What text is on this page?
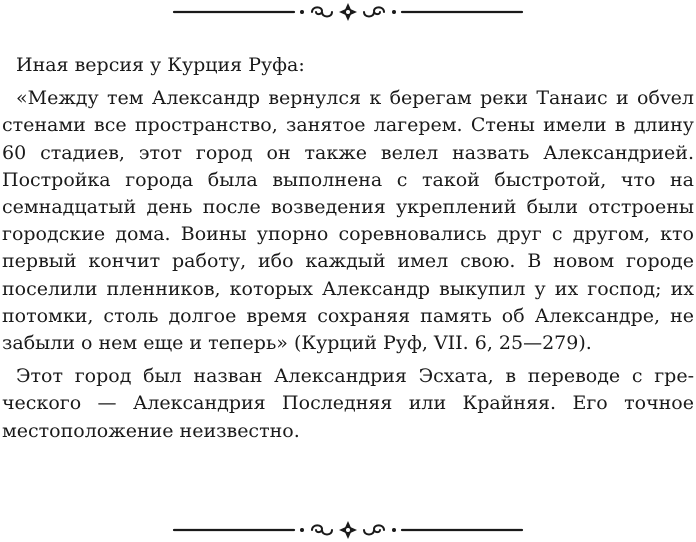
Иная версия у Курция Руфа:

«Между тем Александр вернулся к берегам реки Танаис и обvел стенами все пространство, занятое лагерем. Стены имели в длину 60 стадиев, этот город он также велел назвать Александрией. Постройка города была выполнена с такой быстротой, что на семнадцатый день после возведения укреплений были отстроены городские дома. Воины упорно соревновались друг с другом, кто первый кончит работу, ибо каждый имел свою. В новом городе поселили пленников, которых Александр выкупил у их господ; их потомки, столь долгое время сохраняя память об Александре, не забыли о нем еще и теперь» (Курций Руф, VII. 6, 25—279).

Этот город был назван Александрия Эсхата, в переводе с греческого — Александрия Последняя или Крайняя. Его точное местоположение неизвестно.
